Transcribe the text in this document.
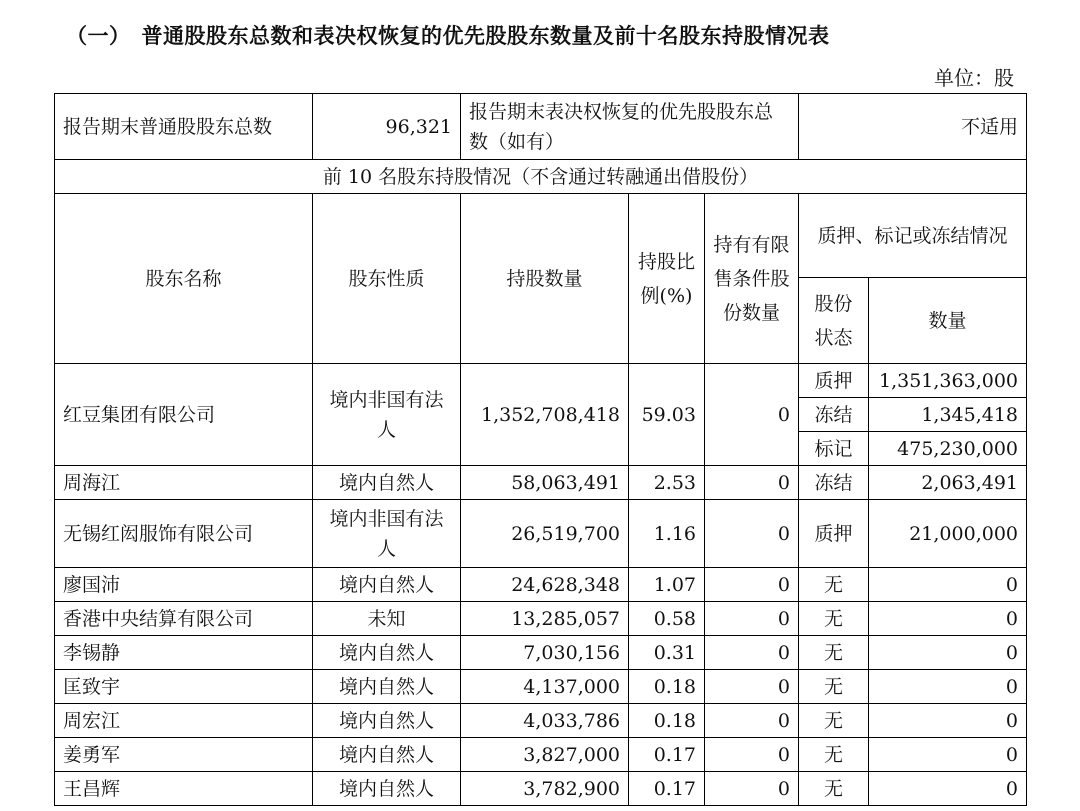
（一）　普通股股东总数和表决权恢复的优先股股东数量及前十名股东持股情况表
单位：股
报告期末普通股股东总数	96,321	报告期末表决权恢复的优先股股东总数（如有）			不适用	
前 10 名股东持股情况（不含通过转融通出借股份）						
股东名称	股东性质	持股数量	持股比例(%)	持有有限售条件股份数量	质押、标记或冻结情况	
					股份状态	数量
红豆集团有限公司	境内非国有法人	1,352,708,418	59.03	0	质押	1,351,363,000
					冻结	1,345,418
					标记	475,230,000
周海江	境内自然人	58,063,491	2.53	0	冻结	2,063,491
无锡红闳服饰有限公司	境内非国有法人	26,519,700	1.16	0	质押	21,000,000
廖国沛	境内自然人	24,628,348	1.07	0	无	0
香港中央结算有限公司	未知	13,285,057	0.58	0	无	0
李锡静	境内自然人	7,030,156	0.31	0	无	0
匡致宇	境内自然人	4,137,000	0.18	0	无	0
周宏江	境内自然人	4,033,786	0.18	0	无	0
姜勇军	境内自然人	3,827,000	0.17	0	无	0
王昌辉	境内自然人	3,782,900	0.17	0	无	0
